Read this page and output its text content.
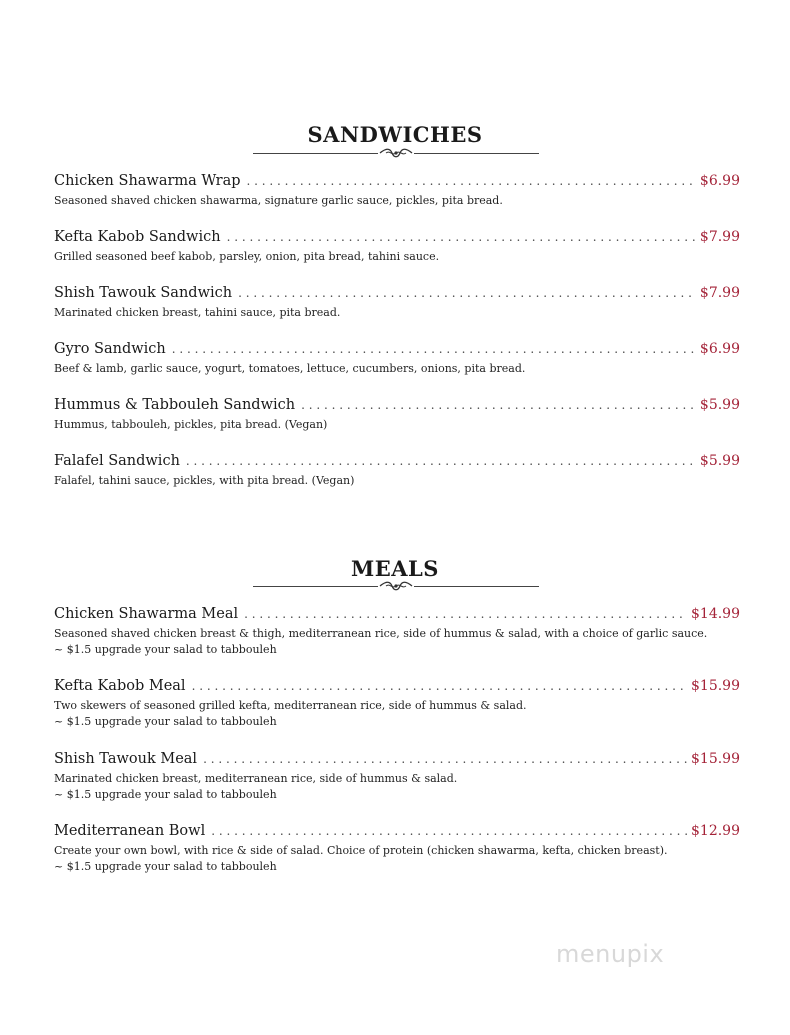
SANDWICHES
Chicken Shawarma Wrap . . .	$6.99
Seasoned shaved chicken shawarma, signature garlic sauce, pickles, pita bread.
Kefta Kabob Sandwich . . .	$7.99
Grilled seasoned beef kabob, parsley, onion, pita bread, tahini sauce.
Shish Tawouk Sandwich . . .	$7.99
Marinated chicken breast, tahini sauce, pita bread.
Gyro Sandwich . . .	$6.99
Beef & lamb, garlic sauce, yogurt, tomatoes, lettuce, cucumbers, onions, pita bread.
Hummus & Tabbouleh Sandwich . . .	$5.99
Hummus, tabbouleh, pickles, pita bread. (Vegan)
Falafel Sandwich . . .	$5.99
Falafel, tahini sauce, pickles, with pita bread. (Vegan)
MEALS
Chicken Shawarma Meal . . .	$14.99
Seasoned shaved chicken breast & thigh, mediterranean rice, side of hummus & salad, with a choice of garlic sauce.
~ $1.5 upgrade your salad to tabbouleh
Kefta Kabob Meal . . .	$15.99
Two skewers of seasoned grilled kefta, mediterranean rice, side of hummus & salad.
~ $1.5 upgrade your salad to tabbouleh
Shish Tawouk Meal . . .	$15.99
Marinated chicken breast, mediterranean rice, side of hummus & salad.
~ $1.5 upgrade your salad to tabbouleh
Mediterranean Bowl . . .	$12.99
Create your own bowl, with rice & side of salad. Choice of protein (chicken shawarma, kefta, chicken breast).
~ $1.5 upgrade your salad to tabbouleh
menupix
